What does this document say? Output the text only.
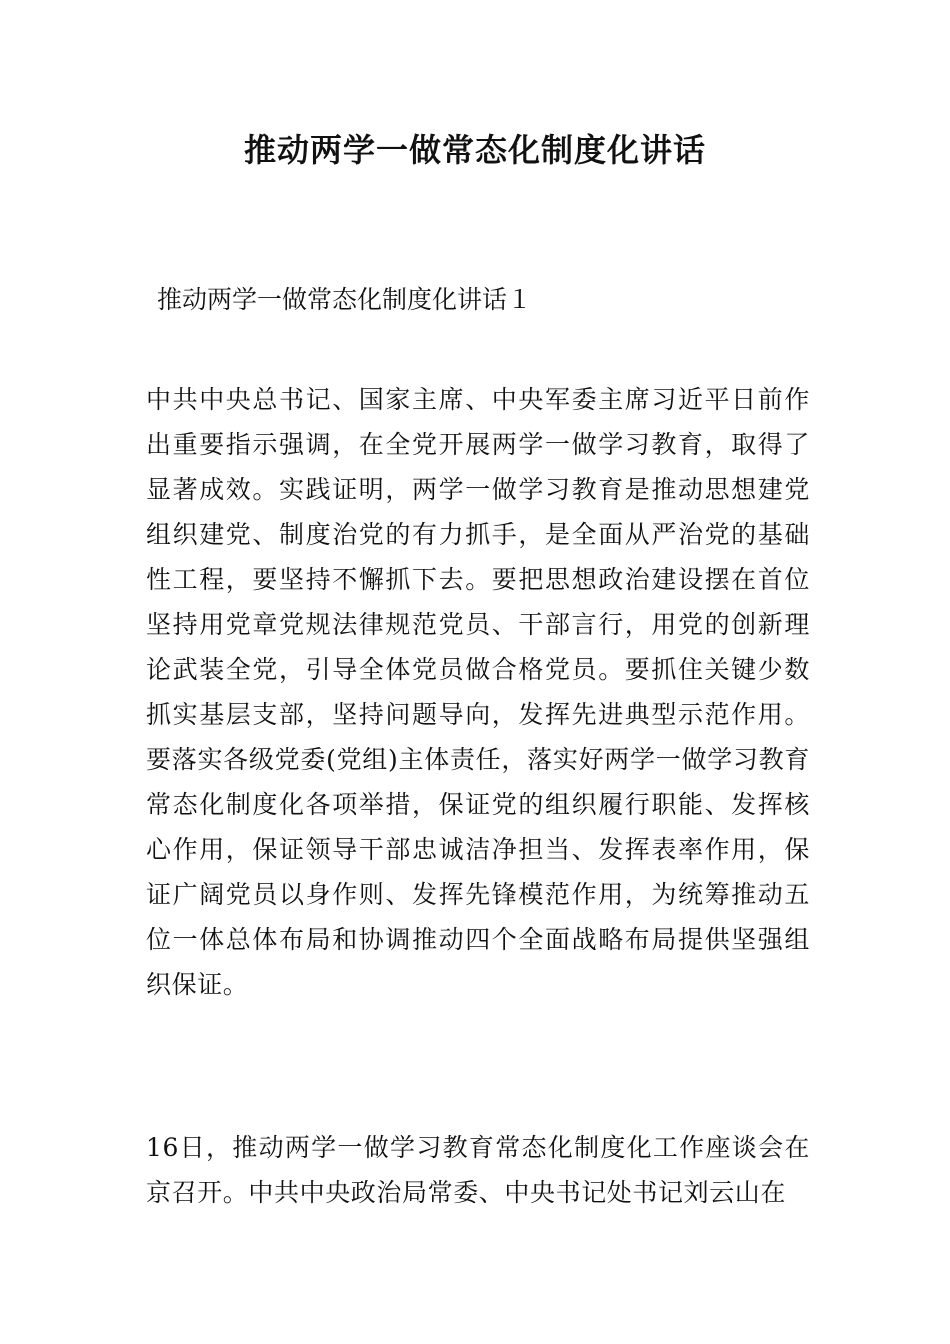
推动两学一做常态化制度化讲话

推动两学一做常态化制度化讲话１

中共中央总书记、国家主席、中央军委主席习近平日前作出重要指示强调，在全党开展两学一做学习教育，取得了显著成效。实践证明，两学一做学习教育是推动思想建党组织建党、制度治党的有力抓手，是全面从严治党的基础性工程，要坚持不懈抓下去。要把思想政治建设摆在首位坚持用党章党规法律规范党员、干部言行，用党的创新理论武装全党，引导全体党员做合格党员。要抓住关键少数抓实基层支部，坚持问题导向，发挥先进典型示范作用。要落实各级党委(党组)主体责任，落实好两学一做学习教育常态化制度化各项举措，保证党的组织履行职能、发挥核心作用，保证领导干部忠诚洁净担当、发挥表率作用，保证广阔党员以身作则、发挥先锋模范作用，为统筹推动五位一体总体布局和协调推动四个全面战略布局提供坚强组织保证。

16日，推动两学一做学习教育常态化制度化工作座谈会在京召开。中共中央政治局常委、中央书记处书记刘云山在
